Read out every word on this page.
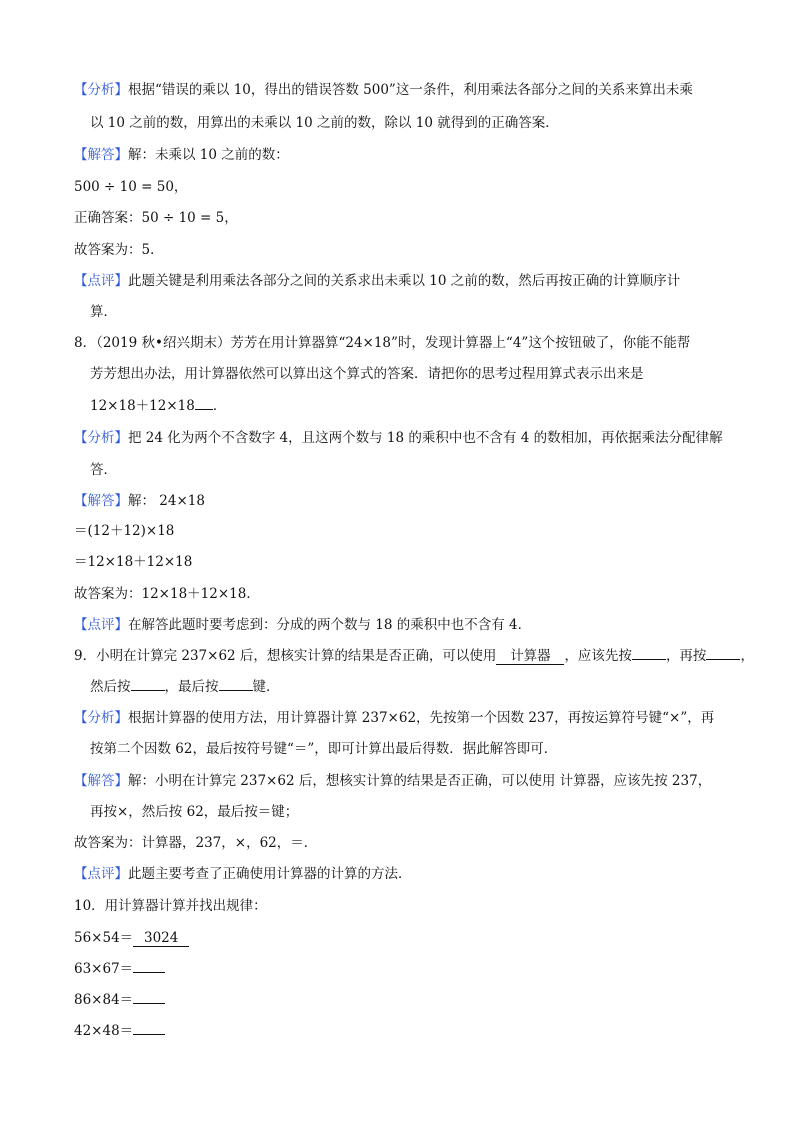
【分析】根据“错误的乘以 10，得出的错误答数 500”这一条件，利用乘法各部分之间的关系来算出未乘
以 10 之前的数，用算出的未乘以 10 之前的数，除以 10 就得到的正确答案．
【解答】解：未乘以 10 之前的数：
500 ÷ 10 = 50，
正确答案：50 ÷ 10 = 5，
故答案为：5．
【点评】此题关键是利用乘法各部分之间的关系求出未乘以 10 之前的数，然后再按正确的计算顺序计
算．
8．（2019 秋•绍兴期末）芳芳在用计算器算“24×18”时，发现计算器上“4”这个按钮破了，你能不能帮
芳芳想出办法，用计算器依然可以算出这个算式的答案．请把你的思考过程用算式表示出来是
12×18＋12×18 ．
【分析】把 24 化为两个不含数字 4，且这两个数与 18 的乘积中也不含有 4 的数相加，再依据乘法分配律解
答．
【解答】解： 24×18
＝(12＋12)×18
＝12×18＋12×18
故答案为：12×18＋12×18．
【点评】在解答此题时要考虑到：分成的两个数与 18 的乘积中也不含有 4．
9．小明在计算完 237×62 后，想核实计算的结果是否正确，可以使用 计算器 ，应该先按	，再按	，
然后按	，最后按	键．
【分析】根据计算器的使用方法，用计算器计算 237×62，先按第一个因数 237，再按运算符号键“×”，再
按第二个因数 62，最后按符号键“＝”，即可计算出最后得数．据此解答即可．
【解答】解：小明在计算完 237×62 后，想核实计算的结果是否正确，可以使用 计算器，应该先按 237，
再按×，然后按 62，最后按＝键；
故答案为：计算器，237，×，62，＝．
【点评】此题主要考查了正确使用计算器的计算的方法．
10．用计算器计算并找出规律：
56×54＝ 3024
63×67＝
86×84＝
42×48＝
